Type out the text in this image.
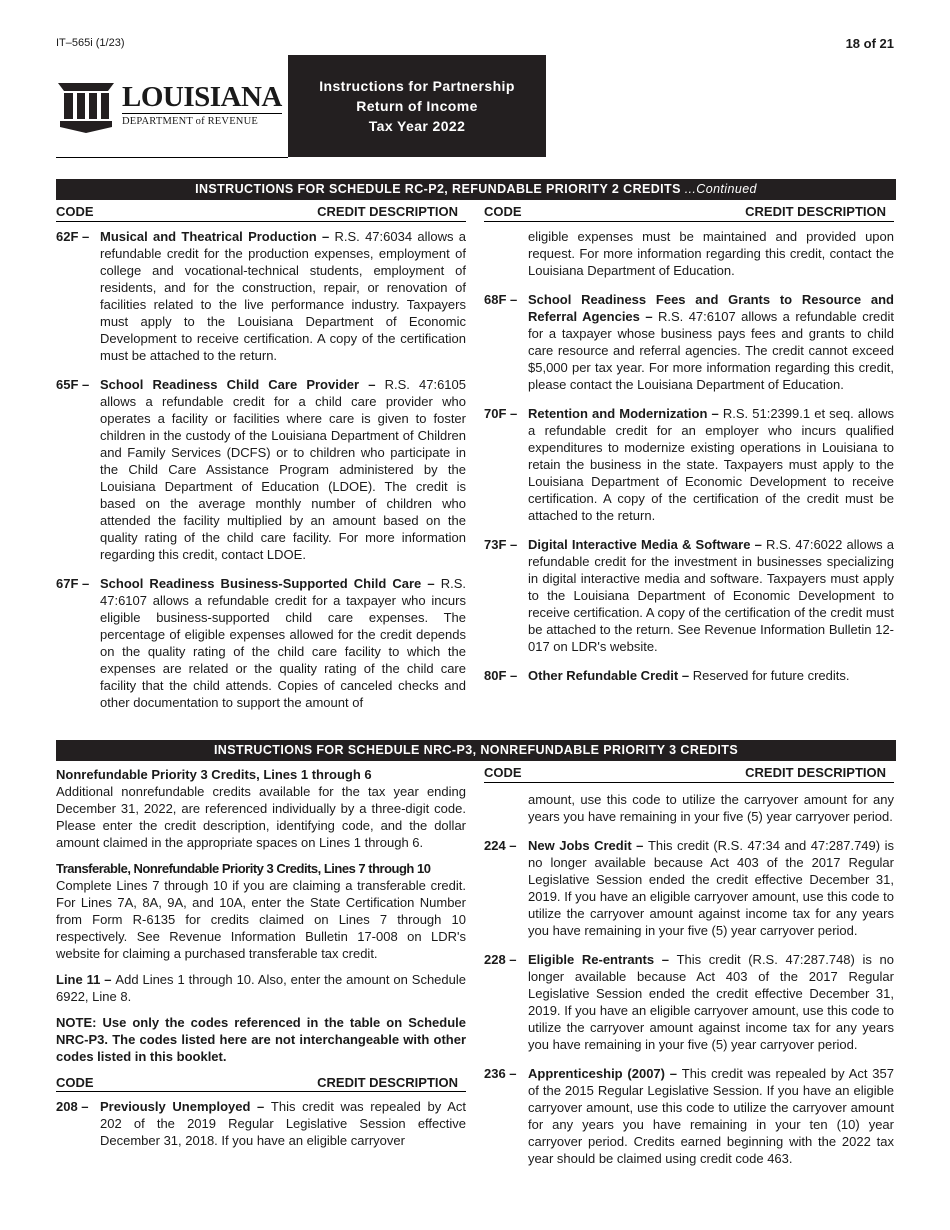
IT–565i (1/23)	18 of 21
LOUISIANA
DEPARTMENT of REVENUE
Instructions for Partnership
Return of Income
Tax Year 2022
INSTRUCTIONS FOR SCHEDULE RC-P2, REFUNDABLE PRIORITY 2 CREDITS ...Continued
CODE	CREDIT DESCRIPTION CODE	CREDIT DESCRIPTION
62F – Musical and Theatrical Production – R.S. 47:6034 allows a refundable credit for the production expenses, employment of college and vocational-technical students, employment of residents, and for the construction, repair, or renovation of facilities related to the live performance industry. Taxpayers must apply to the Louisiana Department of Economic Development to receive certification. A copy of the certification must be attached to the return.
65F – School Readiness Child Care Provider – R.S. 47:6105 allows a refundable credit for a child care provider who operates a facility or facilities where care is given to foster children in the custody of the Louisiana Department of Children and Family Services (DCFS) or to children who participate in the Child Care Assistance Program administered by the Louisiana Department of Education (LDOE). The credit is based on the average monthly number of children who attended the facility multiplied by an amount based on the quality rating of the child care facility. For more information regarding this credit, contact LDOE.
67F – School Readiness Business-Supported Child Care – R.S. 47:6107 allows a refundable credit for a taxpayer who incurs eligible business-supported child care expenses. The percentage of eligible expenses allowed for the credit depends on the quality rating of the child care facility to which the expenses are related or the quality rating of the child care facility that the child attends. Copies of canceled checks and other documentation to support the amount of
eligible expenses must be maintained and provided upon request. For more information regarding this credit, contact the Louisiana Department of Education.
68F – School Readiness Fees and Grants to Resource and Referral Agencies – R.S. 47:6107 allows a refundable credit for a taxpayer whose business pays fees and grants to child care resource and referral agencies. The credit cannot exceed $5,000 per tax year. For more information regarding this credit, please contact the Louisiana Department of Education.
70F – Retention and Modernization – R.S. 51:2399.1 et seq. allows a refundable credit for an employer who incurs qualified expenditures to modernize existing operations in Louisiana to retain the business in the state. Taxpayers must apply to the Louisiana Department of Economic Development to receive certification. A copy of the certification of the credit must be attached to the return.
73F – Digital Interactive Media & Software – R.S. 47:6022 allows a refundable credit for the investment in businesses specializing in digital interactive media and software. Taxpayers must apply to the Louisiana Department of Economic Development to receive certification. A copy of the certification of the credit must be attached to the return. See Revenue Information Bulletin 12-017 on LDR's website.
80F – Other Refundable Credit – Reserved for future credits.
INSTRUCTIONS FOR SCHEDULE NRC-P3, NONREFUNDABLE PRIORITY 3 CREDITS
Nonrefundable Priority 3 Credits, Lines 1 through 6
Additional nonrefundable credits available for the tax year ending December 31, 2022, are referenced individually by a three-digit code. Please enter the credit description, identifying code, and the dollar amount claimed in the appropriate spaces on Lines 1 through 6.
Transferable, Nonrefundable Priority 3 Credits, Lines 7 through 10
Complete Lines 7 through 10 if you are claiming a transferable credit. For Lines 7A, 8A, 9A, and 10A, enter the State Certification Number from Form R-6135 for credits claimed on Lines 7 through 10 respectively. See Revenue Information Bulletin 17-008 on LDR's website for claiming a purchased transferable tax credit.
Line 11 – Add Lines 1 through 10. Also, enter the amount on Schedule 6922, Line 8.
NOTE: Use only the codes referenced in the table on Schedule NRC-P3. The codes listed here are not interchangeable with other codes listed in this booklet.
CODE	CREDIT DESCRIPTION
208 – Previously Unemployed – This credit was repealed by Act 202 of the 2019 Regular Legislative Session effective December 31, 2018. If you have an eligible carryover
CODE	CREDIT DESCRIPTION
amount, use this code to utilize the carryover amount for any years you have remaining in your five (5) year carryover period.
224 – New Jobs Credit – This credit (R.S. 47:34 and 47:287.749) is no longer available because Act 403 of the 2017 Regular Legislative Session ended the credit effective December 31, 2019. If you have an eligible carryover amount, use this code to utilize the carryover amount against income tax for any years you have remaining in your five (5) year carryover period.
228 – Eligible Re-entrants – This credit (R.S. 47:287.748) is no longer available because Act 403 of the 2017 Regular Legislative Session ended the credit effective December 31, 2019. If you have an eligible carryover amount, use this code to utilize the carryover amount against income tax for any years you have remaining in your five (5) year carryover period.
236 – Apprenticeship (2007) – This credit was repealed by Act 357 of the 2015 Regular Legislative Session. If you have an eligible carryover amount, use this code to utilize the carryover amount for any years you have remaining in your ten (10) year carryover period. Credits earned beginning with the 2022 tax year should be claimed using credit code 463.
